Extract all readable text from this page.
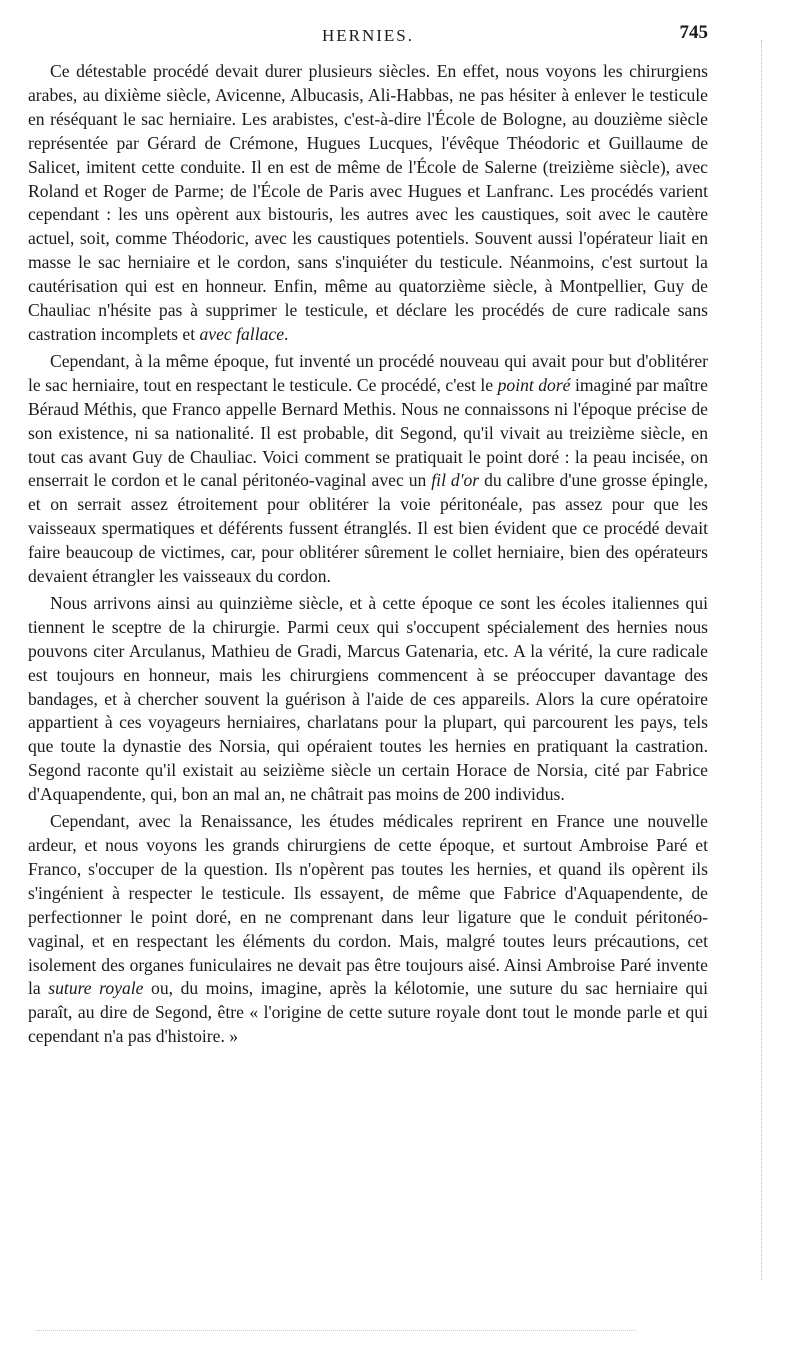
HERNIES.	745

Ce détestable procédé devait durer plusieurs siècles. En effet, nous voyons les chirurgiens arabes, au dixième siècle, Avicenne, Albucasis, Ali-Habbas, ne pas hésiter à enlever le testicule en réséquant le sac herniaire. Les arabistes, c'est-à-dire l'École de Bologne, au douzième siècle représentée par Gérard de Crémone, Hugues Lucques, l'évêque Théodoric et Guillaume de Salicet, imitent cette conduite. Il en est de même de l'École de Salerne (treizième siècle), avec Roland et Roger de Parme; de l'École de Paris avec Hugues et Lanfranc. Les procédés varient cependant : les uns opèrent aux bistouris, les autres avec les caustiques, soit avec le cautère actuel, soit, comme Théodoric, avec les caustiques potentiels. Souvent aussi l'opérateur liait en masse le sac herniaire et le cordon, sans s'inquiéter du testicule. Néanmoins, c'est surtout la cautérisation qui est en honneur. Enfin, même au quatorzième siècle, à Montpellier, Guy de Chauliac n'hésite pas à supprimer le testicule, et déclare les procédés de cure radicale sans castration incomplets et avec fallace.

Cependant, à la même époque, fut inventé un procédé nouveau qui avait pour but d'oblitérer le sac herniaire, tout en respectant le testicule. Ce procédé, c'est le point doré imaginé par maître Béraud Méthis, que Franco appelle Bernard Methis. Nous ne connaissons ni l'époque précise de son existence, ni sa nationalité. Il est probable, dit Segond, qu'il vivait au treizième siècle, en tout cas avant Guy de Chauliac. Voici comment se pratiquait le point doré : la peau incisée, on enserrait le cordon et le canal péritonéo-vaginal avec un fil d'or du calibre d'une grosse épingle, et on serrait assez étroitement pour oblitérer la voie péritonéale, pas assez pour que les vaisseaux spermatiques et déférents fussent étranglés. Il est bien évident que ce procédé devait faire beaucoup de victimes, car, pour oblitérer sûrement le collet herniaire, bien des opérateurs devaient étrangler les vaisseaux du cordon.

Nous arrivons ainsi au quinzième siècle, et à cette époque ce sont les écoles italiennes qui tiennent le sceptre de la chirurgie. Parmi ceux qui s'occupent spécialement des hernies nous pouvons citer Arculanus, Mathieu de Gradi, Marcus Gatenaria, etc. A la vérité, la cure radicale est toujours en honneur, mais les chirurgiens commencent à se préoccuper davantage des bandages, et à chercher souvent la guérison à l'aide de ces appareils. Alors la cure opératoire appartient à ces voyageurs herniaires, charlatans pour la plupart, qui parcourent les pays, tels que toute la dynastie des Norsia, qui opéraient toutes les hernies en pratiquant la castration. Segond raconte qu'il existait au seizième siècle un certain Horace de Norsia, cité par Fabrice d'Aquapendente, qui, bon an mal an, ne châtrait pas moins de 200 individus.

Cependant, avec la Renaissance, les études médicales reprirent en France une nouvelle ardeur, et nous voyons les grands chirurgiens de cette époque, et surtout Ambroise Paré et Franco, s'occuper de la question. Ils n'opèrent pas toutes les hernies, et quand ils opèrent ils s'ingénient à respecter le testicule. Ils essayent, de même que Fabrice d'Aquapendente, de perfectionner le point doré, en ne comprenant dans leur ligature que le conduit péritonéo-vaginal, et en respectant les éléments du cordon. Mais, malgré toutes leurs précautions, cet isolement des organes funiculaires ne devait pas être toujours aisé. Ainsi Ambroise Paré invente la suture royale ou, du moins, imagine, après la kélotomie, une suture du sac herniaire qui paraît, au dire de Segond, être « l'origine de cette suture royale dont tout le monde parle et qui cependant n'a pas d'histoire. »
